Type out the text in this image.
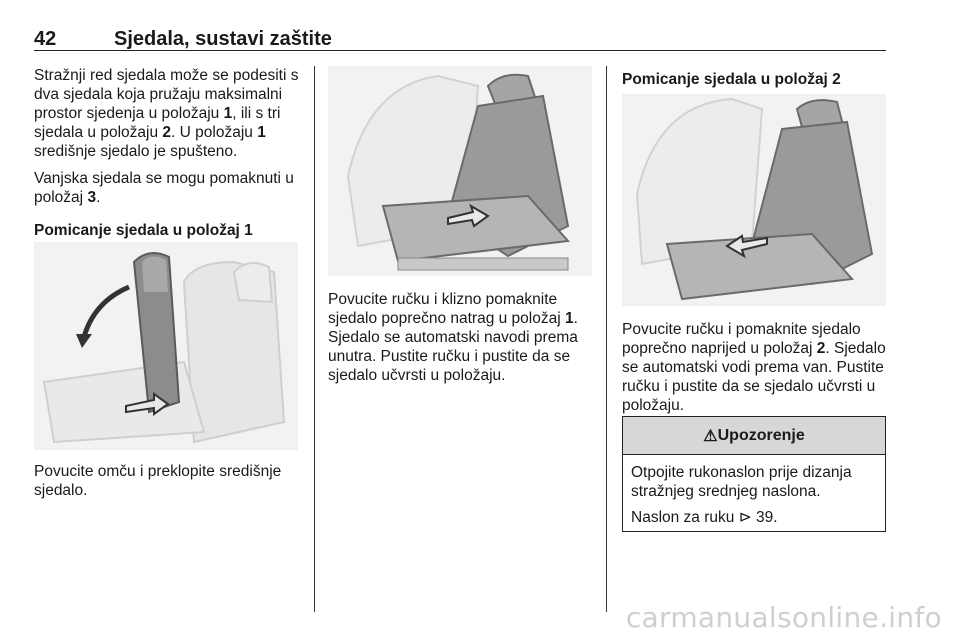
42	Sjedala, sustavi zaštite

Stražnji red sjedala može se podesiti s dva sjedala koja pružaju maksimalni prostor sjedenja u položaju 1, ili s tri sjedala u položaju 2. U položaju 1 središnje sjedalo je spušteno.

Vanjska sjedala se mogu pomaknuti u položaj 3.

Pomicanje sjedala u položaj 1

Povucite omču i preklopite središnje sjedalo.

Povucite ručku i klizno pomaknite sjedalo poprečno natrag u položaj 1. Sjedalo se automatski navodi prema unutra. Pustite ručku i pustite da se sjedalo učvrsti u položaju.

Pomicanje sjedala u položaj 2

Povucite ručku i pomaknite sjedalo poprečno naprijed u položaj 2. Sjedalo se automatski vodi prema van. Pustite ručku i pustite da se sjedalo učvrsti u položaju.

⚠ Upozorenje

Otpojite rukonaslon prije dizanja stražnjeg srednjeg naslona.

Naslon za ruku ⊳ 39.

carmanualsonline.info
